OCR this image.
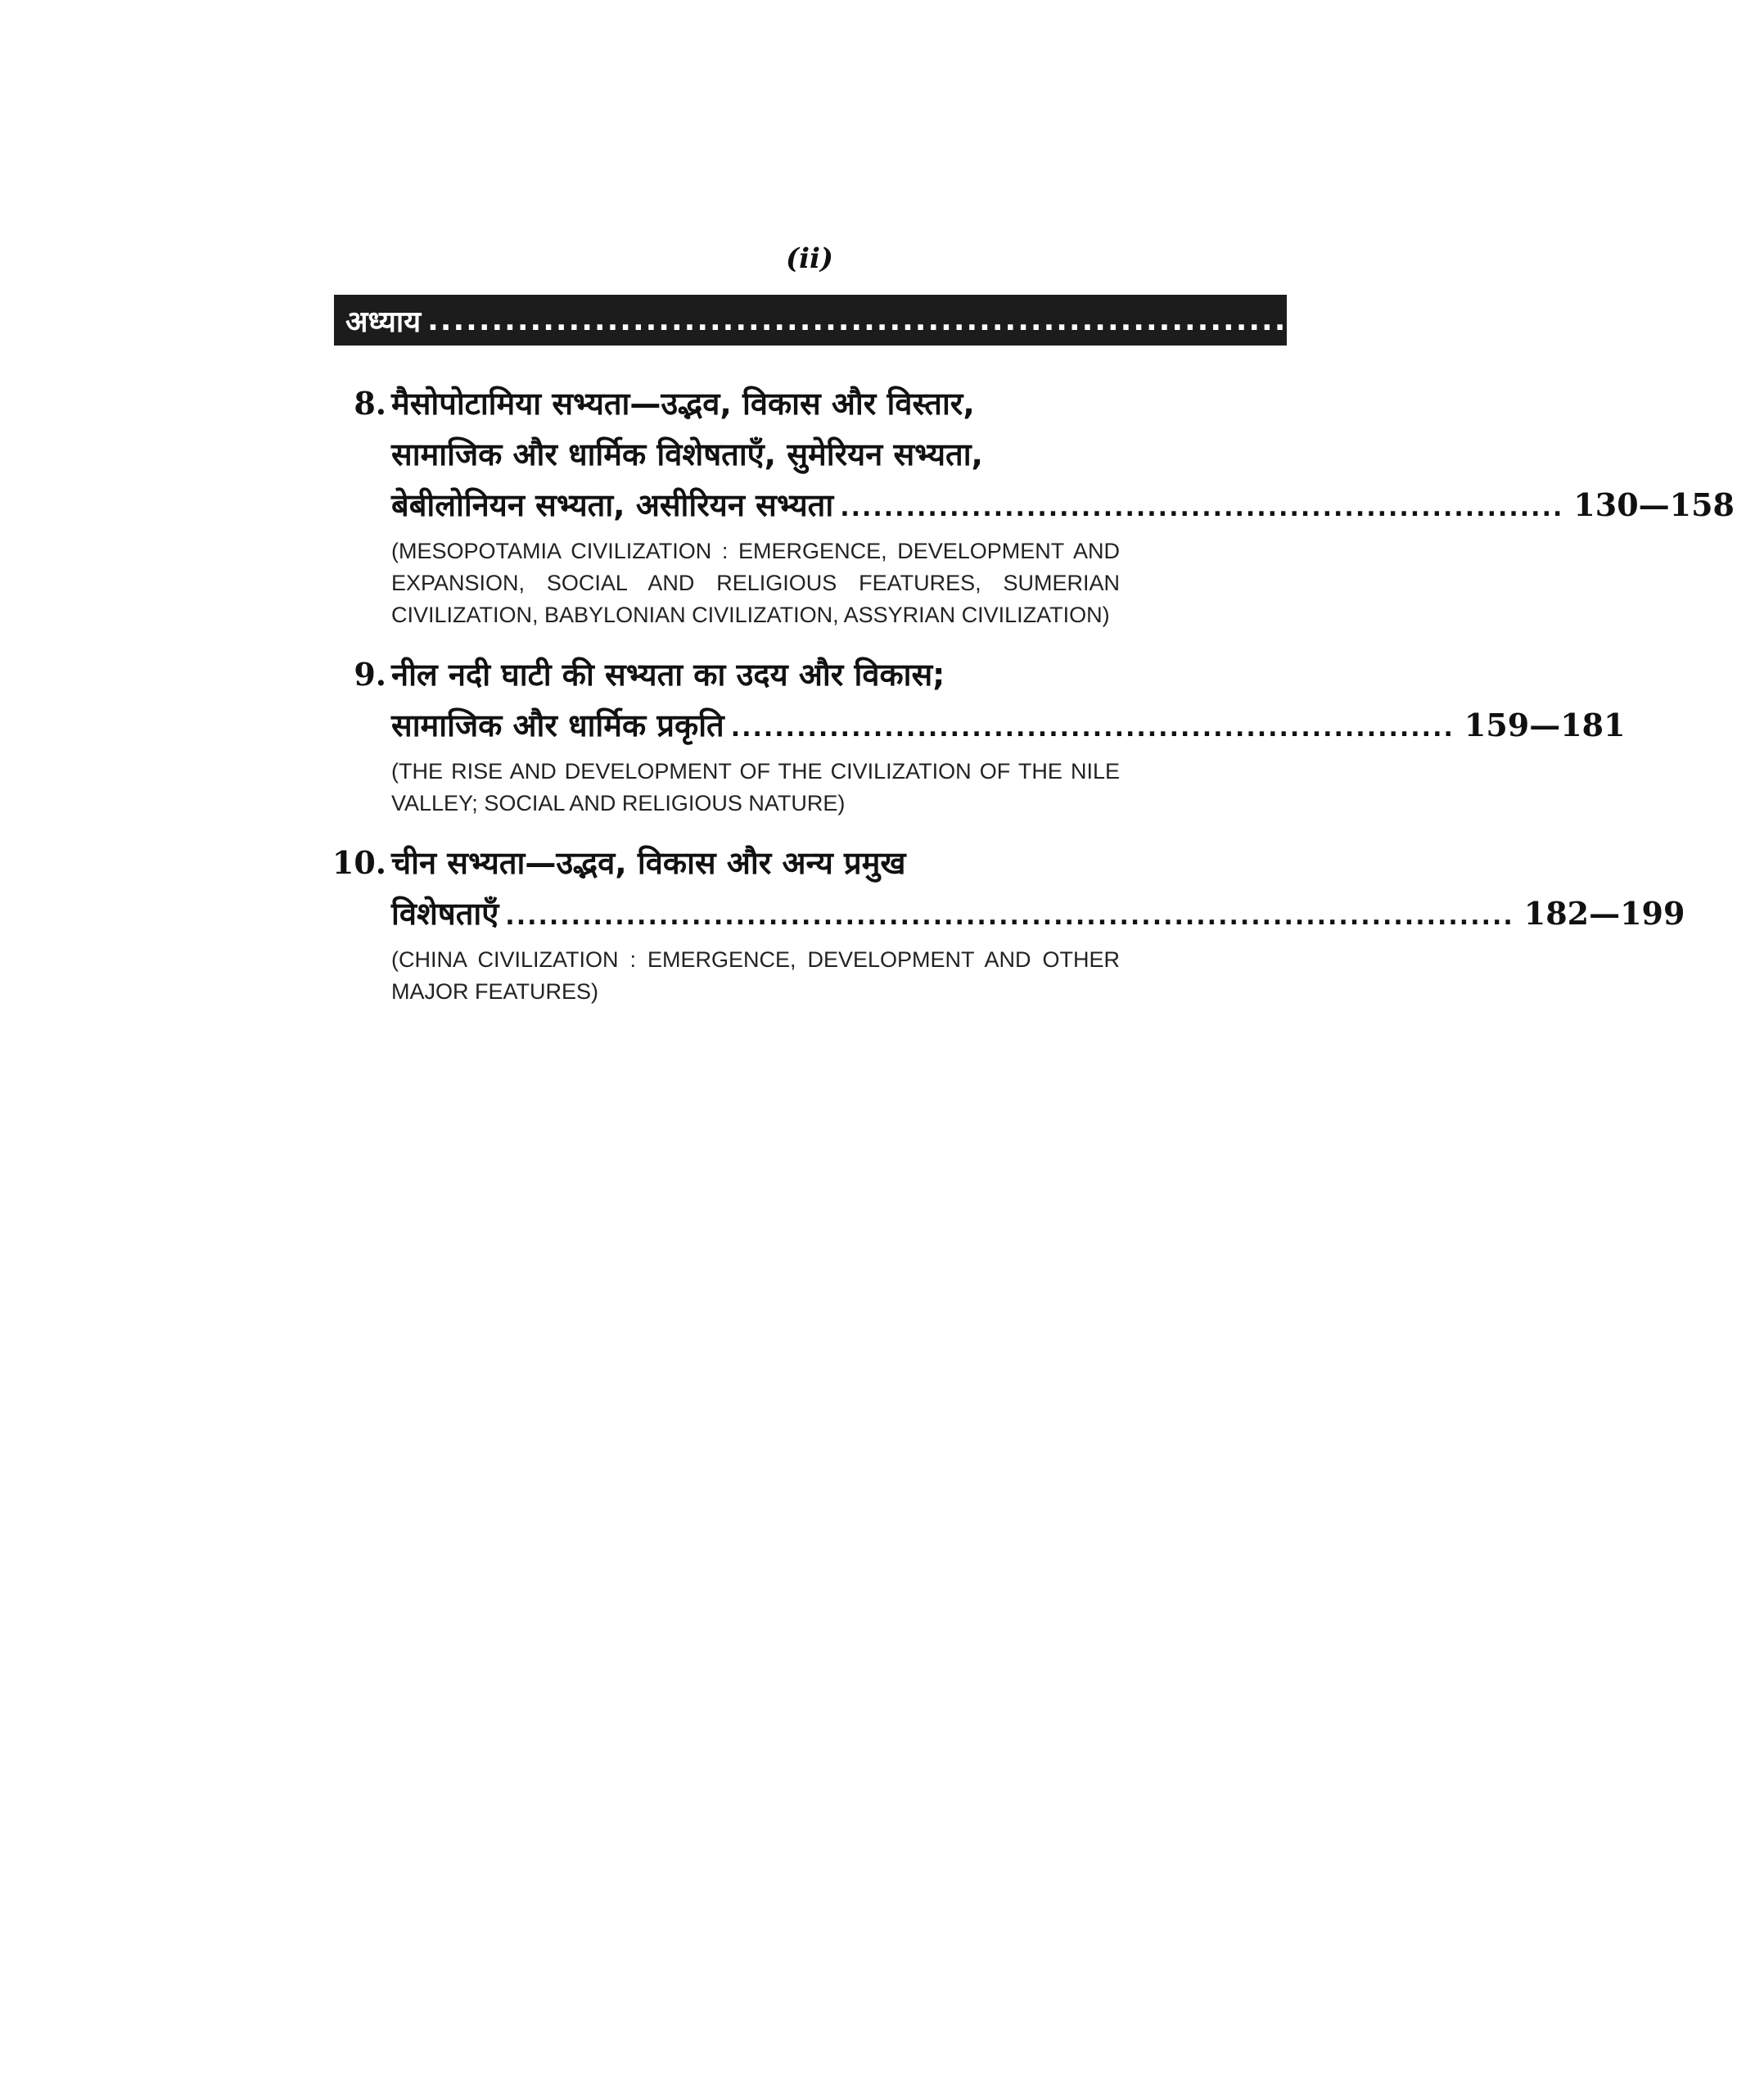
(ii)
अध्याय ............................................................................................... पृष्ठ–संख्या
8. मैसोपोटामिया सभ्यता—उद्भव, विकास और विस्तार,
सामाजिक और धार्मिक विशेषताएँ, सुमेरियन सभ्यता,
बेबीलोनियन सभ्यता, असीरियन सभ्यता .................................................................. 130—158
(MESOPOTAMIA CIVILIZATION : EMERGENCE, DEVELOPMENT AND EXPANSION, SOCIAL AND RELIGIOUS FEATURES, SUMERIAN CIVILIZATION, BABYLONIAN CIVILIZATION, ASSYRIAN CIVILIZATION)
9. नील नदी घाटी की सभ्यता का उदय और विकास;
सामाजिक और धार्मिक प्रकृति .................................................................. 159—181
(THE RISE AND DEVELOPMENT OF THE CIVILIZATION OF THE NILE VALLEY; SOCIAL AND RELIGIOUS NATURE)
10. चीन सभ्यता—उद्भव, विकास और अन्य प्रमुख
विशेषताएँ ............................................................................................ 182—199
(CHINA CIVILIZATION : EMERGENCE, DEVELOPMENT AND OTHER MAJOR FEATURES)
